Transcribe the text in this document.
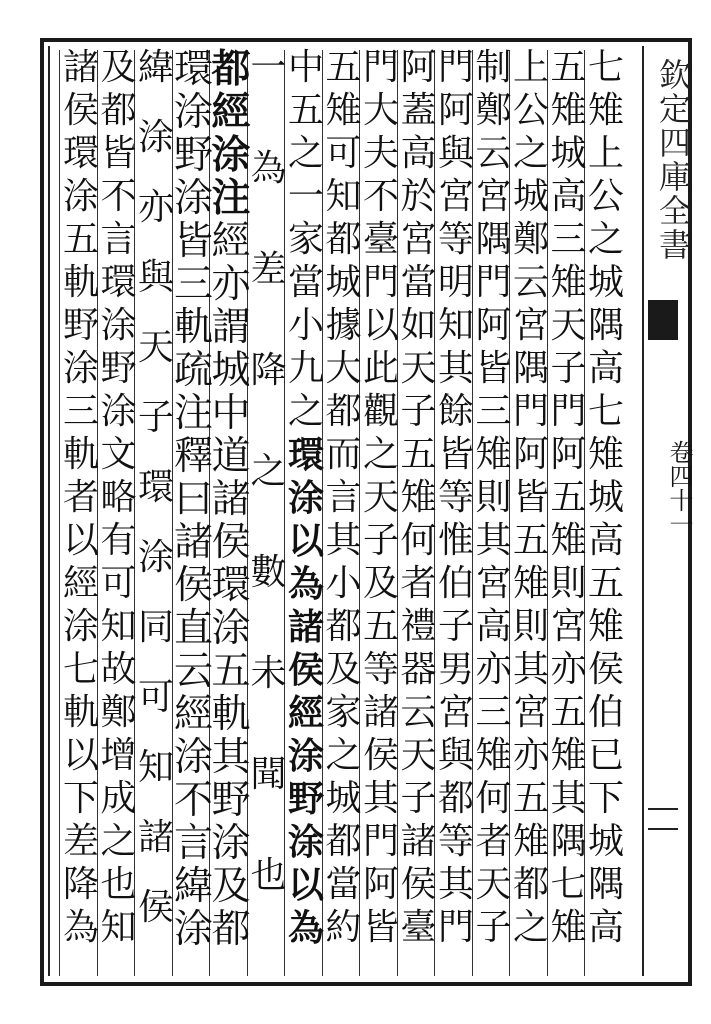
欽定四庫全書
卷四十一
七
雉
上
公
之
城
隅
高
七
雉
城
高
五
雉
侯
伯
已
下
城
隅
高
五
雉
城
高
三
雉
天
子
門
阿
五
雉
則
宮
亦
五
雉
其
隅
七
雉
上
公
之
城
鄭
云
宮
隅
門
阿
皆
五
雉
則
其
宮
亦
五
雉
都
之
制
鄭
云
宮
隅
門
阿
皆
三
雉
則
其
宮
高
亦
三
雉
何
者
天
子
門
阿
與
宮
等
明
知
其
餘
皆
等
惟
伯
子
男
宮
與
都
等
其
門
阿
蓋
高
於
宮
當
如
天
子
五
雉
何
者
禮
器
云
天
子
諸
侯
臺
門
大
夫
不
臺
門
以
此
觀
之
天
子
及
五
等
諸
侯
其
門
阿
皆
五
雉
可
知
都
城
據
大
都
而
言
其
小
都
及
家
之
城
都
當
約
中
五
之
一
家
當
小
九
之
環
涂
以
為
諸
侯
經
涂
野
涂
以
為
一
為
差
降
之
數
未
聞
也
都
經
涂
注
經
亦
謂
城
中
道
諸
侯
環
涂
五
軌
其
野
涂
及
都
環
涂
野
涂
皆
三
軌
疏
注
釋
曰
諸
侯
直
云
經
涂
不
言
緯
涂
緯
涂
亦
與
天
子
環
涂
同
可
知
諸
侯
及
都
皆
不
言
環
涂
野
涂
文
略
有
可
知
故
鄭
增
成
之
也
知
諸
侯
環
涂
五
軌
野
涂
三
軌
者
以
經
涂
七
軌
以
下
差
降
為
